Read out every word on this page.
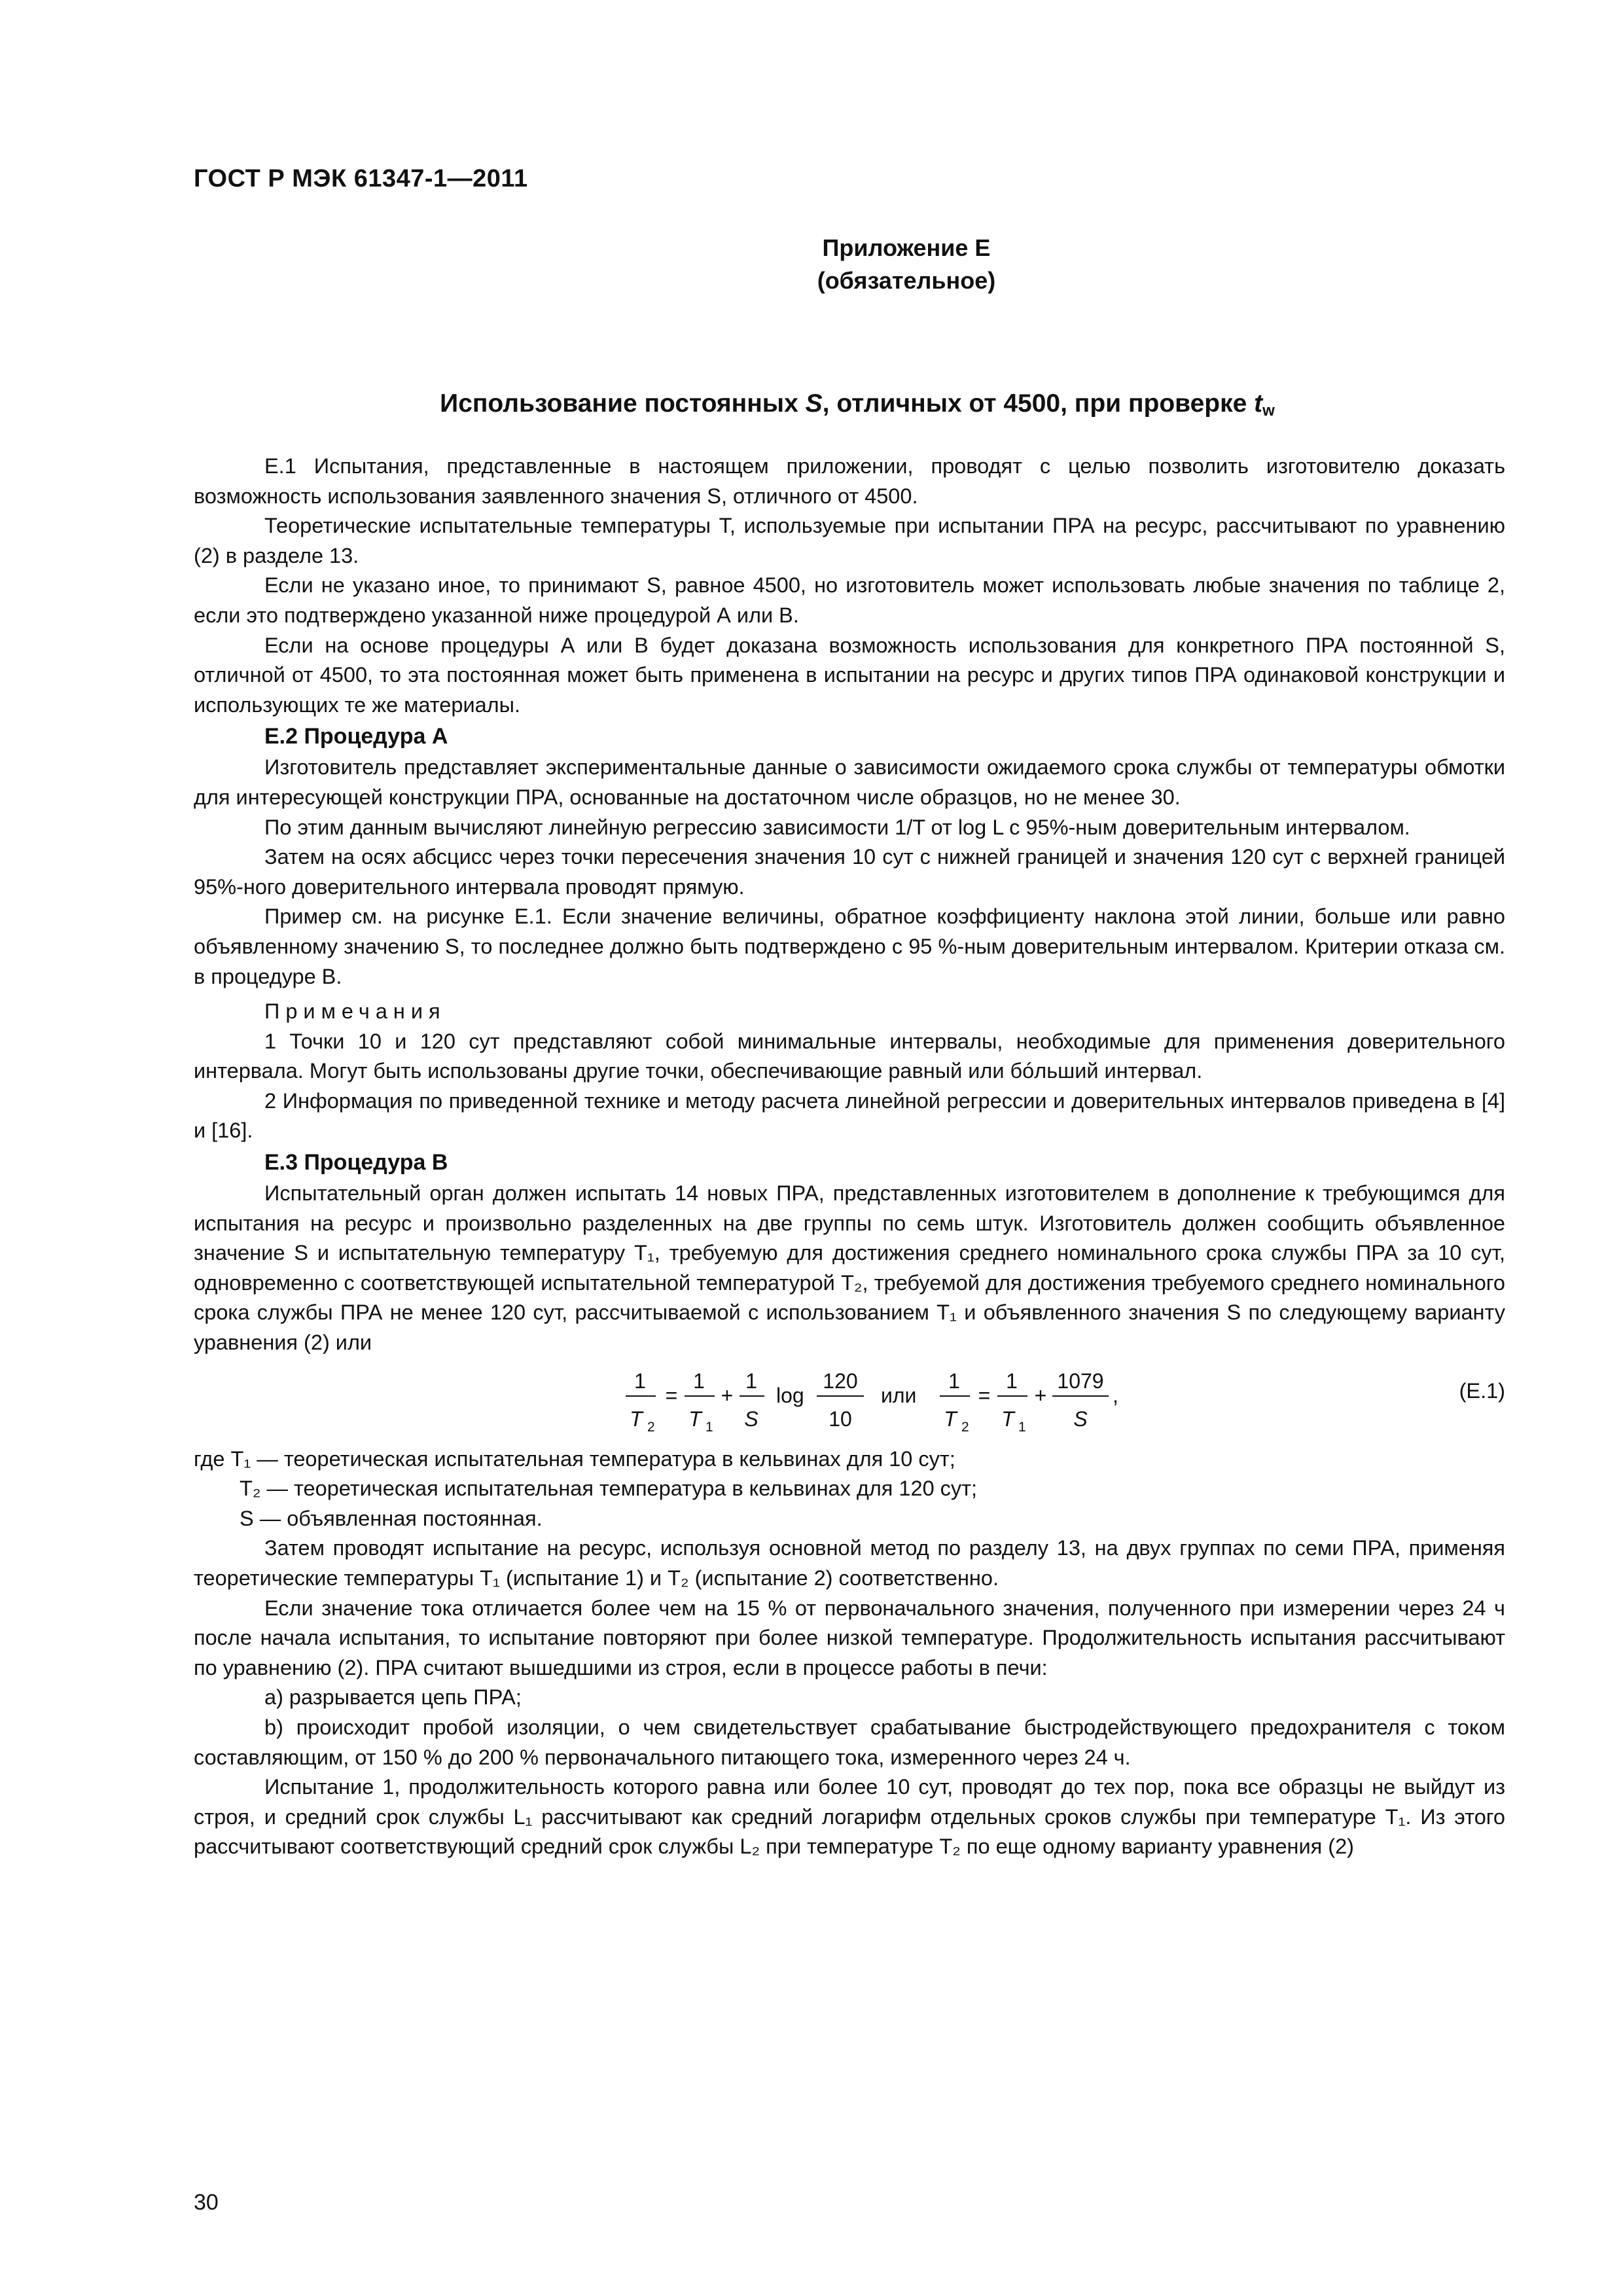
ГОСТ Р МЭК 61347-1—2011
Приложение Е
(обязательное)
Использование постоянных S, отличных от 4500, при проверке $t_w$

Е.1 Испытания, представленные в настоящем приложении, проводят с целью позволить изготовителю доказать возможность использования заявленного значения S, отличного от 4500.

Теоретические испытательные температуры T, используемые при испытании ПРА на ресурс, рассчитывают по уравнению (2) в разделе 13.

Если не указано иное, то принимают S, равное 4500, но изготовитель может использовать любые значения по таблице 2, если это подтверждено указанной ниже процедурой А или В.

Если на основе процедуры А или В будет доказана возможность использования для конкретного ПРА постоянной S, отличной от 4500, то эта постоянная может быть применена в испытании на ресурс и других типов ПРА одинаковой конструкции и использующих те же материалы.

Е.2 Процедура А

Изготовитель представляет экспериментальные данные о зависимости ожидаемого срока службы от температуры обмотки для интересующей конструкции ПРА, основанные на достаточном числе образцов, но не менее 30.

По этим данным вычисляют линейную регрессию зависимости 1/T от log L с 95%-ным доверительным интервалом.

Затем на осях абсцисс через точки пересечения значения 10 сут с нижней границей и значения 120 сут с верхней границей 95%-ного доверительного интервала проводят прямую.

Пример см. на рисунке Е.1. Если значение величины, обратное коэффициенту наклона этой линии, больше или равно объявленному значению S, то последнее должно быть подтверждено с 95 %-ным доверительным интервалом. Критерии отказа см. в процедуре В.

Примечания

1 Точки 10 и 120 сут представляют собой минимальные интервалы, необходимые для применения доверительного интервала. Могут быть использованы другие точки, обеспечивающие равный или бóльший интервал.

2 Информация по приведенной технике и методу расчета линейной регрессии и доверительных интервалов приведена в [4] и [16].

Е.3 Процедура В

Испытательный орган должен испытать 14 новых ПРА, представленных изготовителем в дополнение к требующимся для испытания на ресурс и произвольно разделенных на две группы по семь штук. Изготовитель должен сообщить объявленное значение S и испытательную температуру T₁, требуемую для достижения среднего номинального срока службы ПРА за 10 сут, одновременно с соответствующей испытательной температурой T₂, требуемой для достижения требуемого среднего номинального срока службы ПРА не менее 120 сут, рассчитываемой с использованием T₁ и объявленного значения S по следующему варианту уравнения (2) или

1
T 2
=
1
T 1
+
1
S
log
120
10
или
1
T 2
=
1
T 1
+
1079
S
,	(Е.1)
где T₁ — теоретическая испытательная температура в кельвинах для 10 сут;
T₂ — теоретическая испытательная температура в кельвинах для 120 сут;
S — объявленная постоянная.

Затем проводят испытание на ресурс, используя основной метод по разделу 13, на двух группах по семи ПРА, применяя теоретические температуры T₁ (испытание 1) и T₂ (испытание 2) соответственно.

Если значение тока отличается более чем на 15 % от первоначального значения, полученного при измерении через 24 ч после начала испытания, то испытание повторяют при более низкой температуре. Продолжительность испытания рассчитывают по уравнению (2). ПРА считают вышедшими из строя, если в процессе работы в печи:

а) разрывается цепь ПРА;

b) происходит пробой изоляции, о чем свидетельствует срабатывание быстродействующего предохранителя с током составляющим, от 150 % до 200 % первоначального питающего тока, измеренного через 24 ч.

Испытание 1, продолжительность которого равна или более 10 сут, проводят до тех пор, пока все образцы не выйдут из строя, и средний срок службы L₁ рассчитывают как средний логарифм отдельных сроков службы при температуре T₁. Из этого рассчитывают соответствующий средний срок службы L₂ при температуре T₂ по еще одному варианту уравнения (2)

30
